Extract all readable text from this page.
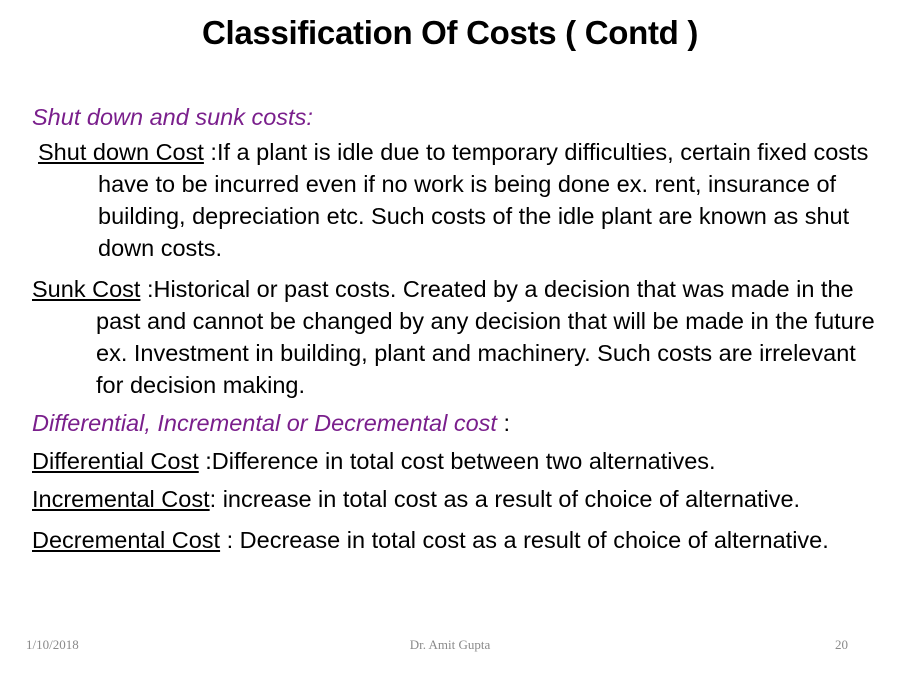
Classification Of Costs ( Contd )

Shut down and sunk costs:

Shut down Cost :If a plant is idle due to temporary difficulties, certain fixed costs have to be incurred even if no work is being done ex. rent, insurance of building, depreciation etc. Such costs of the idle plant are known as shut down costs.

Sunk Cost :Historical or past costs. Created by a decision that was made in the past and cannot be changed by any decision that will be made in the future ex. Investment in building, plant and machinery. Such costs are irrelevant for decision making.

Differential, Incremental or Decremental cost :

Differential Cost :Difference in total cost between two alternatives.

Incremental Cost: increase in total cost as a result of choice of alternative.

Decremental Cost : Decrease in total cost as a result of choice of alternative.

1/10/2018	Dr. Amit Gupta	20
